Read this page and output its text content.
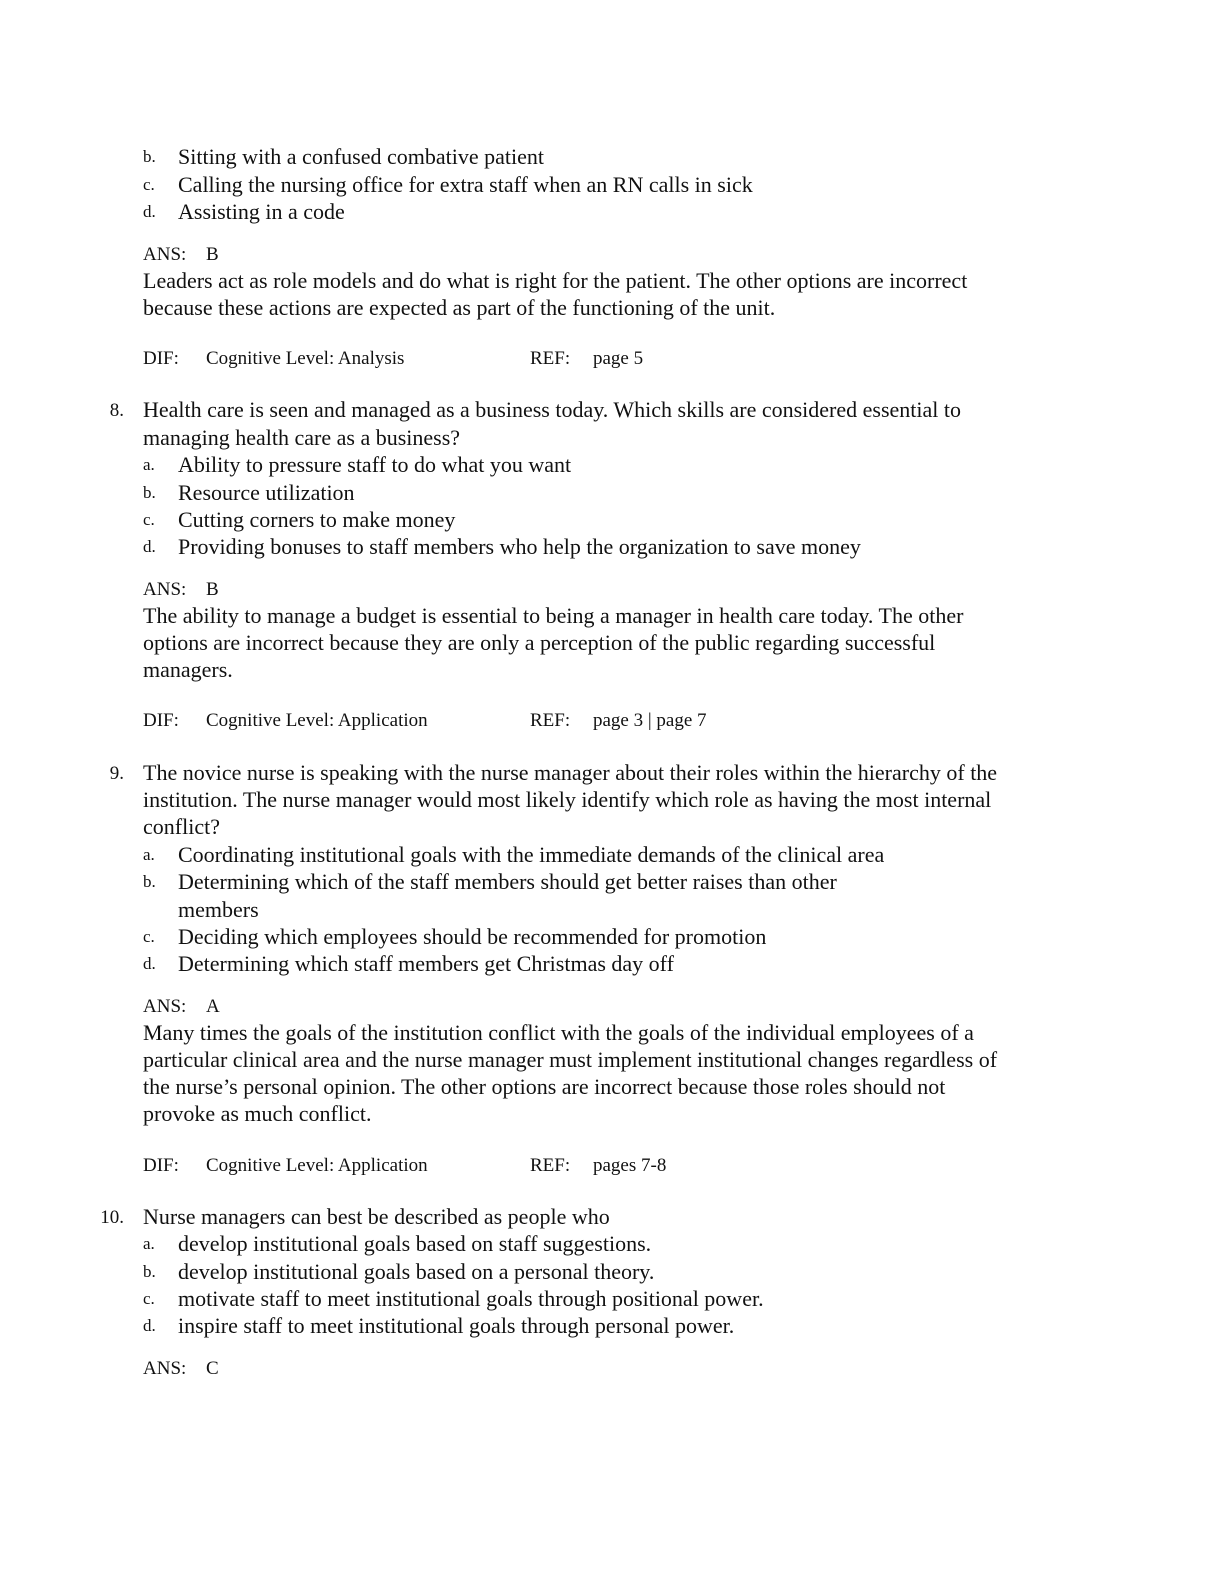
b. Sitting with a confused combative patient
c. Calling the nursing office for extra staff when an RN calls in sick
d. Assisting in a code
ANS: B
Leaders act as role models and do what is right for the patient. The other options are incorrect
because these actions are expected as part of the functioning of the unit.
DIF: Cognitive Level: Analysis	REF: page 5
8. Health care is seen and managed as a business today. Which skills are considered essential to
managing health care as a business?
a. Ability to pressure staff to do what you want
b. Resource utilization
c. Cutting corners to make money
d. Providing bonuses to staff members who help the organization to save money
ANS: B
The ability to manage a budget is essential to being a manager in health care today. The other
options are incorrect because they are only a perception of the public regarding successful
managers.
DIF: Cognitive Level: Application	REF: page 3 | page 7
9. The novice nurse is speaking with the nurse manager about their roles within the hierarchy of the
institution. The nurse manager would most likely identify which role as having the most internal
conflict?
a. Coordinating institutional goals with the immediate demands of the clinical area
b. Determining which of the staff members should get better raises than other
members
c. Deciding which employees should be recommended for promotion
d. Determining which staff members get Christmas day off
ANS: A
Many times the goals of the institution conflict with the goals of the individual employees of a
particular clinical area and the nurse manager must implement institutional changes regardless of
the nurse’s personal opinion. The other options are incorrect because those roles should not
provoke as much conflict.
DIF: Cognitive Level: Application	REF: pages 7-8
10. Nurse managers can best be described as people who
a. develop institutional goals based on staff suggestions.
b. develop institutional goals based on a personal theory.
c. motivate staff to meet institutional goals through positional power.
d. inspire staff to meet institutional goals through personal power.
ANS: C
